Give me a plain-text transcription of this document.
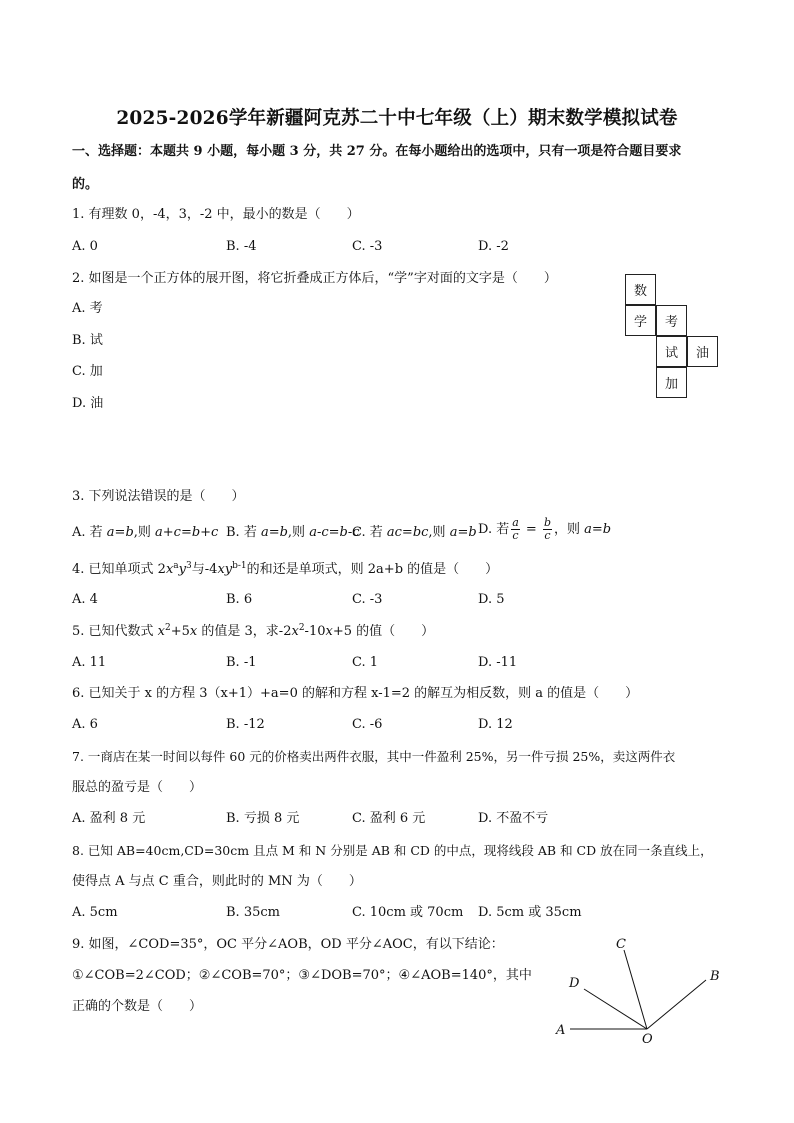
2025-2026学年新疆阿克苏二十中七年级（上）期末数学模拟试卷
一、选择题：本题共 9 小题，每小题 3 分，共 27 分。在每小题给出的选项中，只有一项是符合题目要求
的。
1. 有理数 0，-4，3，-2 中，最小的数是（　　）
A. 0	B. -4	C. -3	D. -2
2. 如图是一个正方体的展开图，将它折叠成正方体后，“学”字对面的文字是（　　）
A. 考
B. 试
C. 加
D. 油
数
学	考
试	油
加
3. 下列说法错误的是（　　）
A. 若 a=b,则 a+c=b+c B. 若 a=b,则 a-c=b-c
C. 若 ac=bc,则 a=b D. 若 $\frac{a}{c} = \frac{b}{c}$ ，则 a=b
4. 已知单项式 $2x^ay^3$与$-4xy^{b-1}$的和还是单项式，则 2a+b 的值是（　　）
A. 4	B. 6	C. -3	D. 5
5. 已知代数式 $x^2+5x$ 的值是 3，求$-2x^2-10x+5$ 的值（　　）
A. 11	B. -1	C. 1	D. -11
6. 已知关于 x 的方程 3（x+1）+a=0 的解和方程 x-1=2 的解互为相反数，则 a 的值是（　　）
A. 6	B. -12	C. -6	D. 12
7. 一商店在某一时间以每件 60 元的价格卖出两件衣服，其中一件盈利 25%，另一件亏损 25%，卖这两件衣
服总的盈亏是（　　）
A. 盈利 8 元	B. 亏损 8 元	C. 盈利 6 元	D. 不盈不亏
8. 已知 AB=40cm,CD=30cm 且点 M 和 N 分别是 AB 和 CD 的中点，现将线段 AB 和 CD 放在同一条直线上，
使得点 A 与点 C 重合，则此时的 MN 为（　　）
A. 5cm	B. 35cm	C. 10cm 或 70cm D. 5cm 或 35cm
9. 如图，∠COD=35°，OC 平分∠AOB，OD 平分∠AOC，有以下结论：
①∠COB=2∠COD；②∠COB=70°；③∠DOB=70°；④∠AOB=140°，其中
正确的个数是（　　）
A
D
C
B
O
